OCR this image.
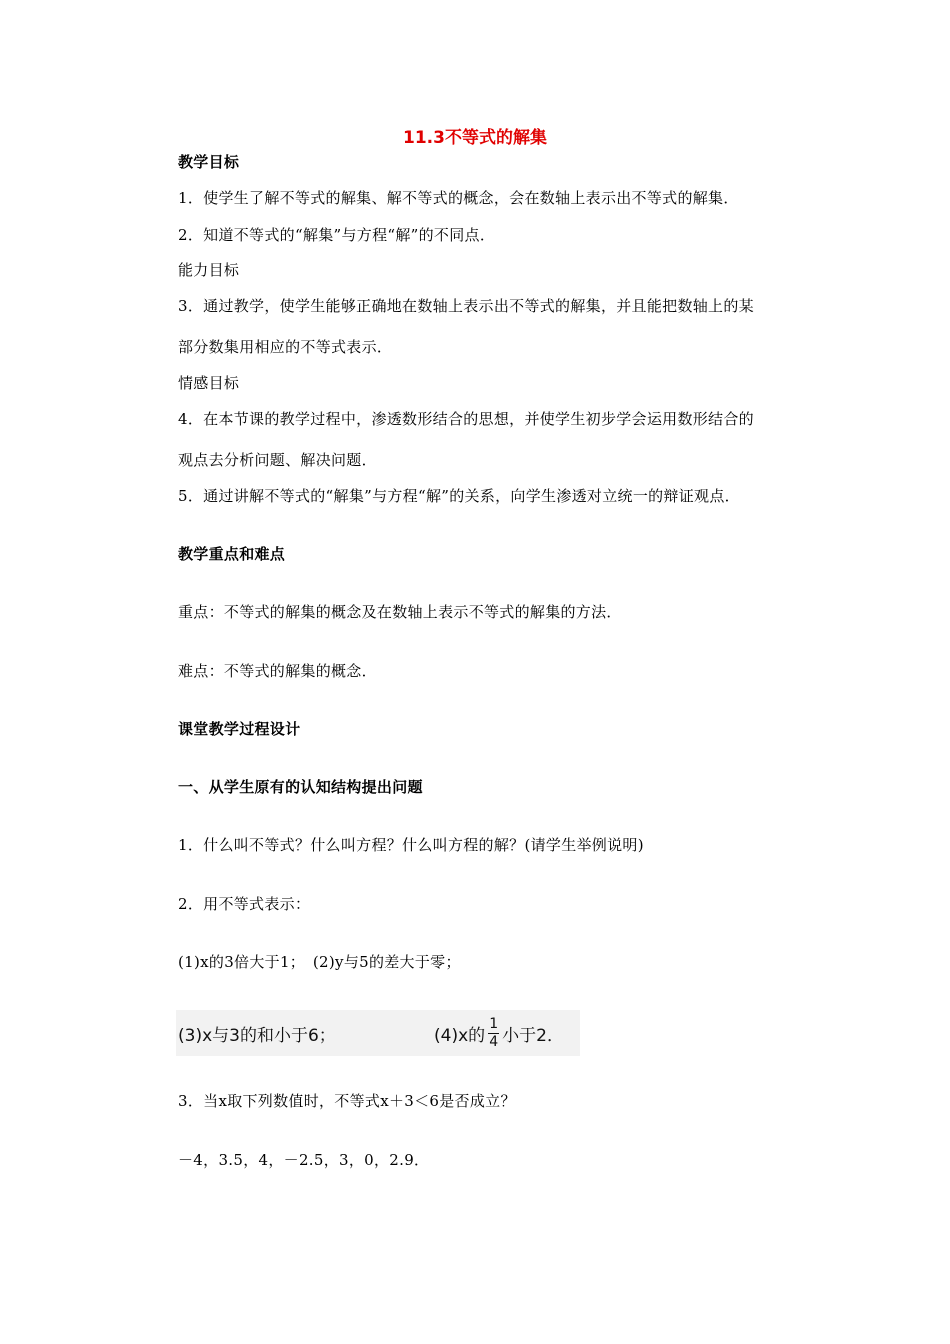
11.3不等式的解集
教学目标
1．使学生了解不等式的解集、解不等式的概念，会在数轴上表示出不等式的解集．
2．知道不等式的“解集”与方程“解”的不同点．
能力目标
3．通过教学，使学生能够正确地在数轴上表示出不等式的解集，并且能把数轴上的某
部分数集用相应的不等式表示．
情感目标
4．在本节课的教学过程中，渗透数形结合的思想，并使学生初步学会运用数形结合的
观点去分析问题、解决问题．
5．通过讲解不等式的“解集”与方程“解”的关系，向学生渗透对立统一的辩证观点．
教学重点和难点
重点：不等式的解集的概念及在数轴上表示不等式的解集的方法．
难点：不等式的解集的概念．
课堂教学过程设计
一、从学生原有的认知结构提出问题
1．什么叫不等式？什么叫方程？什么叫方程的解？(请学生举例说明)
2．用不等式表示：
(1)x的3倍大于1；　(2)y与5的差大于零；
(3)x与3的和小于6；	(4)x的 $\frac{1}{4}$ 小于2．
3．当x取下列数值时，不等式x＋3＜6是否成立？
－4，3.5，4，－2.5，3，0，2.9．
